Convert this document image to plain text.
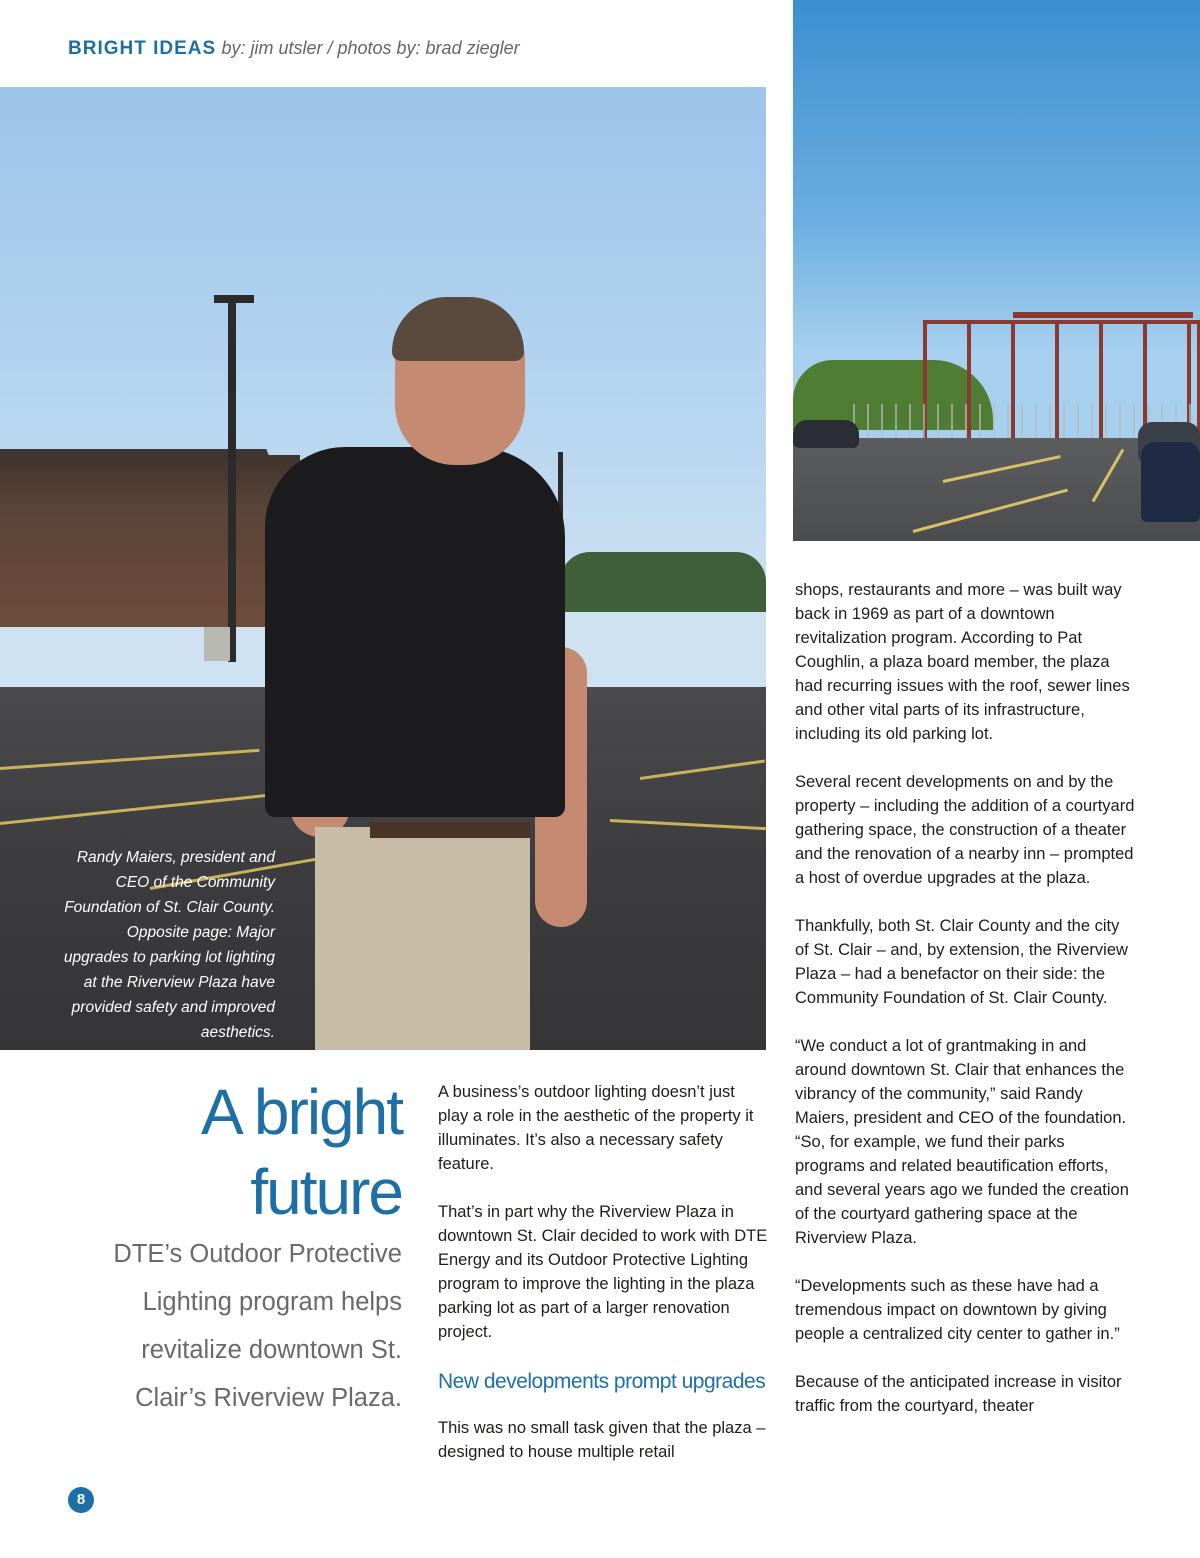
BRIGHT IDEAS by: jim utsler / photos by: brad ziegler
Randy Maiers, president and CEO of the Community Foundation of St. Clair County. Opposite page: Major upgrades to parking lot lighting at the Riverview Plaza have provided safety and improved aesthetics.
A bright
future
DTE’s Outdoor Protective Lighting program helps revitalize downtown St. Clair’s Riverview Plaza.

A business’s outdoor lighting doesn’t just play a role in the aesthetic of the property it illuminates. It’s also a necessary safety feature.

That’s in part why the Riverview Plaza in downtown St. Clair decided to work with DTE Energy and its Outdoor Protective Lighting program to improve the lighting in the plaza parking lot as part of a larger renovation project.

New developments prompt upgrades

This was no small task given that the plaza – designed to house multiple retail

shops, restaurants and more – was built way back in 1969 as part of a downtown revitalization program. According to Pat Coughlin, a plaza board member, the plaza had recurring issues with the roof, sewer lines and other vital parts of its infrastructure, including its old parking lot.

Several recent developments on and by the property – including the addition of a courtyard gathering space, the construction of a theater and the renovation of a nearby inn – prompted a host of overdue upgrades at the plaza.

Thankfully, both St. Clair County and the city of St. Clair – and, by extension, the Riverview Plaza – had a benefactor on their side: the Community Foundation of St. Clair County.

“We conduct a lot of grantmaking in and around downtown St. Clair that enhances the vibrancy of the community,” said Randy Maiers, president and CEO of the foundation. “So, for example, we fund their parks programs and related beautification efforts, and several years ago we funded the creation of the courtyard gathering space at the Riverview Plaza.

“Developments such as these have had a tremendous impact on downtown by giving people a centralized city center to gather in.”

Because of the anticipated increase in visitor traffic from the courtyard, theater

8
